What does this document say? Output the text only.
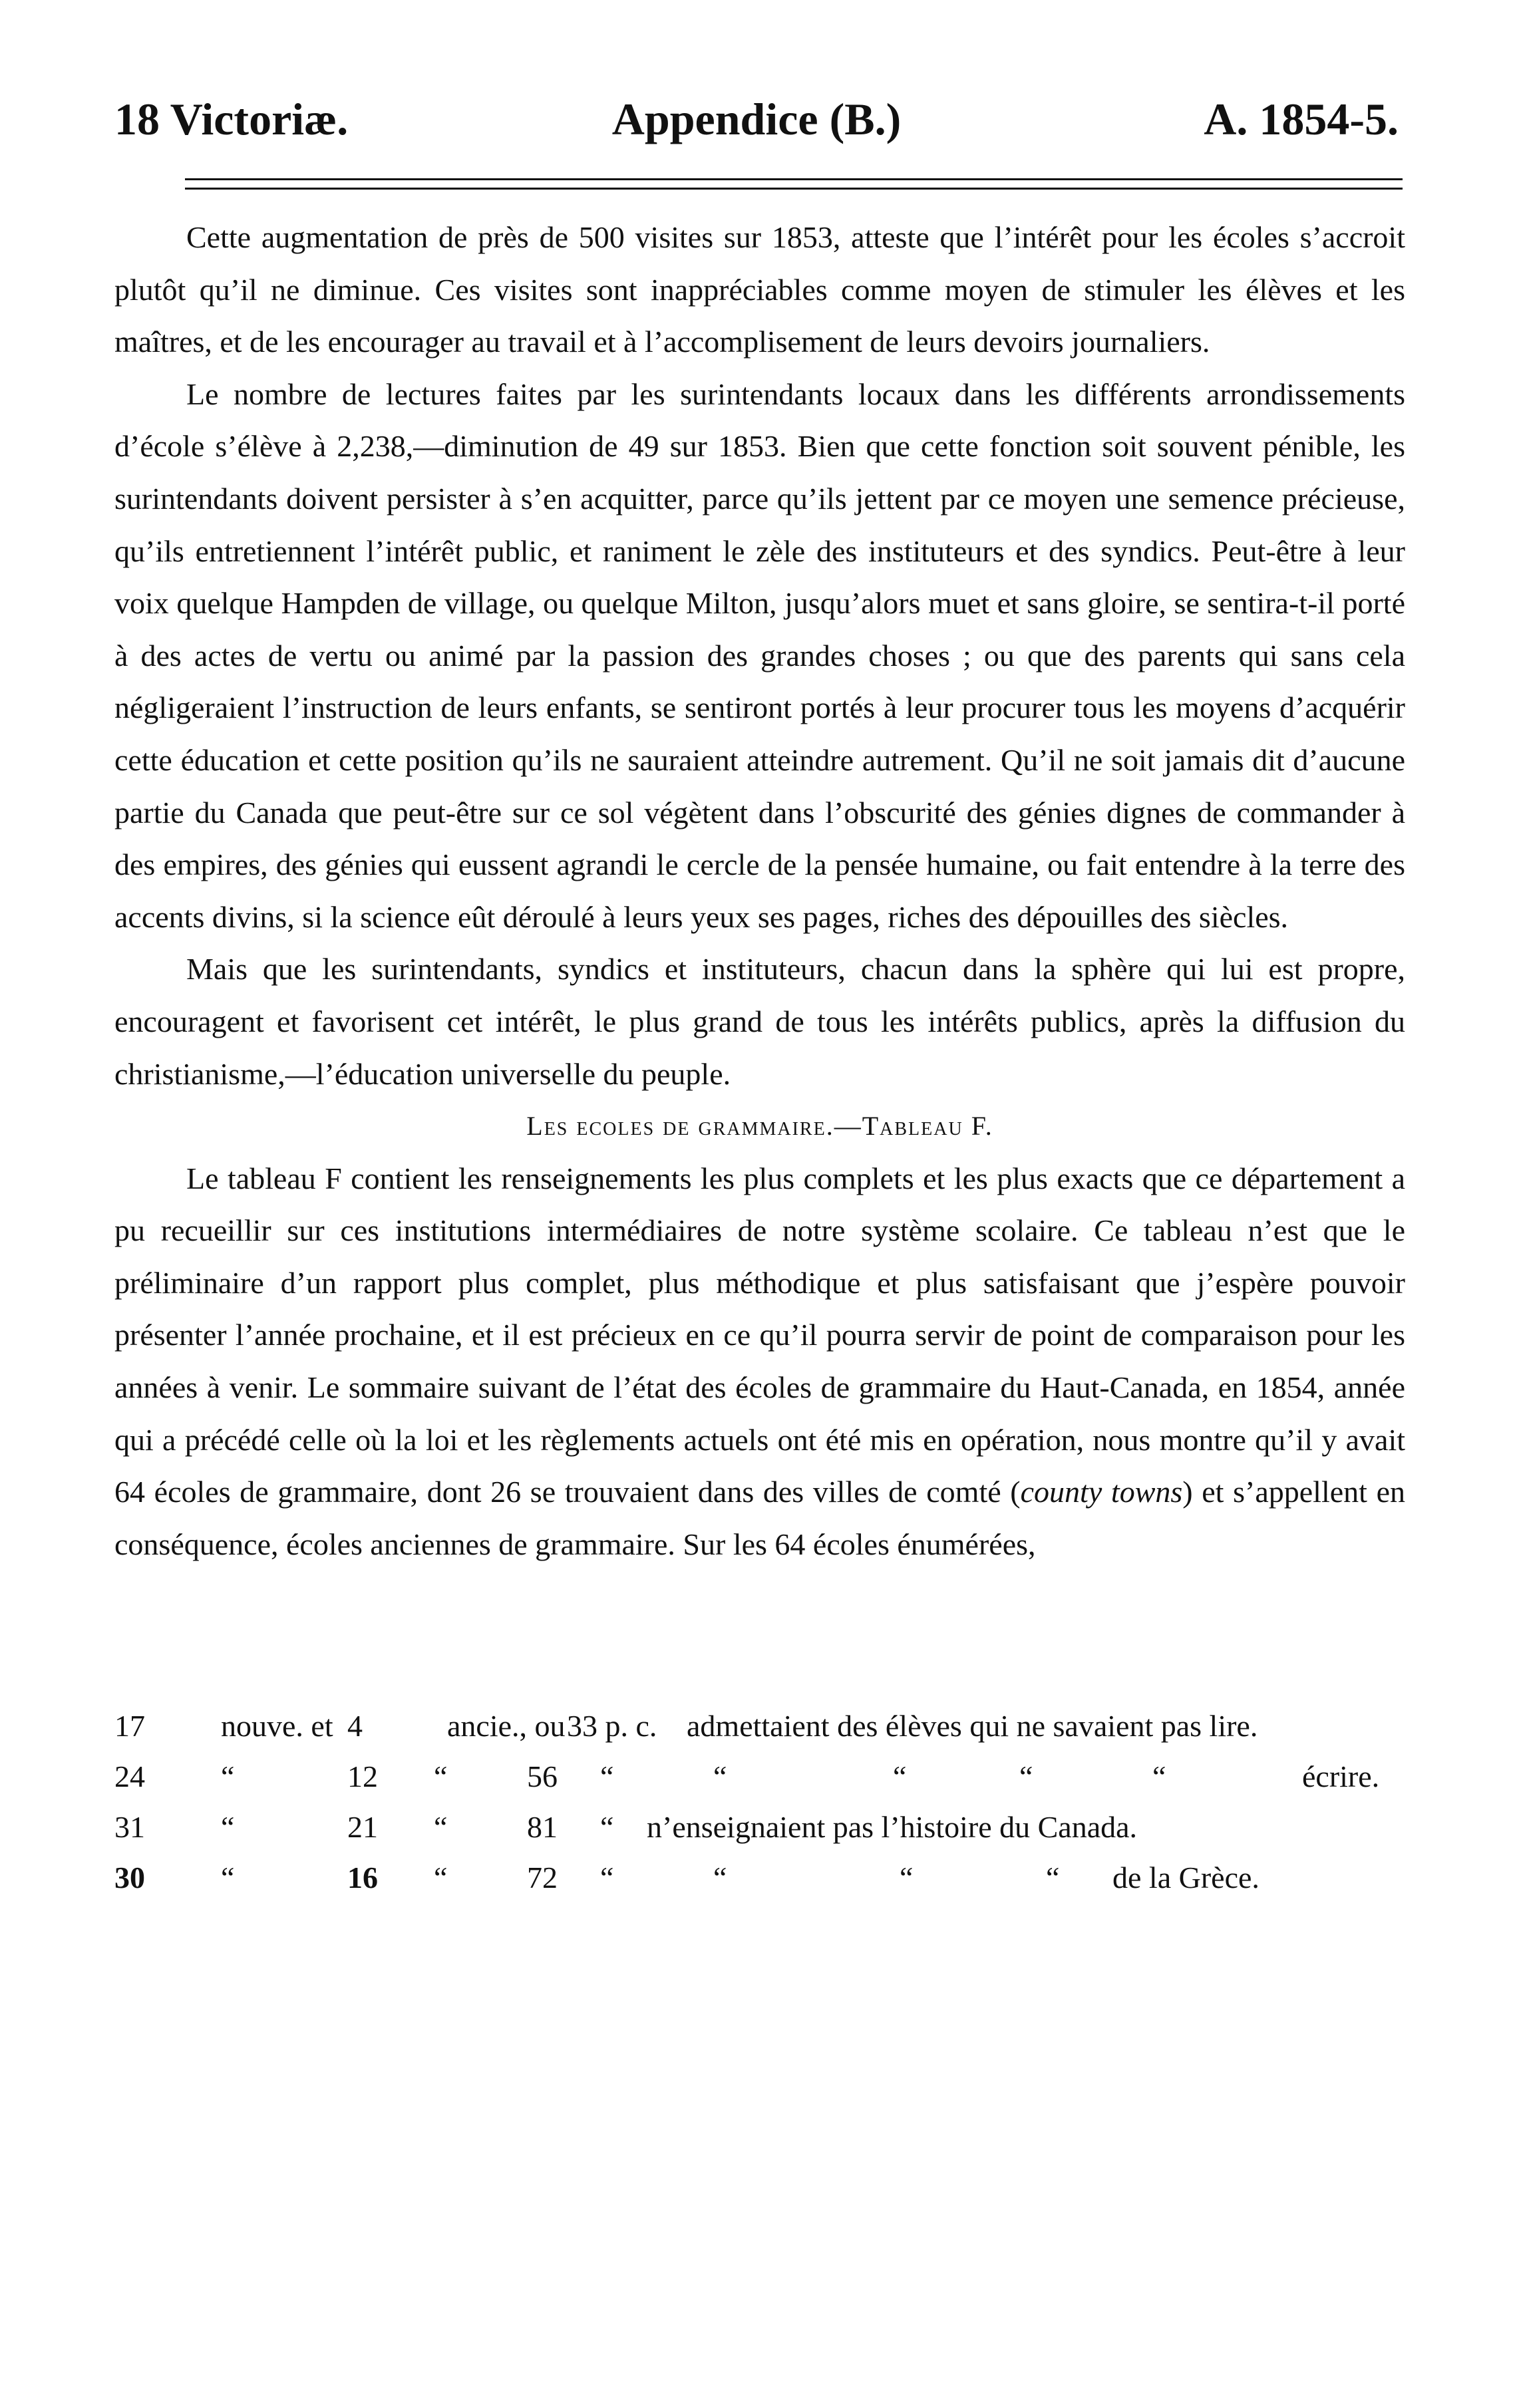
18 Victoriæ.	Appendice (B.)	A. 1854-5.

Cette augmentation de près de 500 visites sur 1853, atteste que l’intérêt pour les écoles s’accroit plutôt qu’il ne diminue. Ces visites sont inappréciables comme moyen de stimuler les élèves et les maîtres, et de les encourager au travail et à l’accomplisement de leurs devoirs journaliers.

Le nombre de lectures faites par les surintendants locaux dans les différents arrondissements d’école s’élève à 2,238,—diminution de 49 sur 1853. Bien que cette fonction soit souvent pénible, les surintendants doivent persister à s’en acquitter, parce qu’ils jettent par ce moyen une semence précieuse, qu’ils entretiennent l’intérêt public, et raniment le zèle des instituteurs et des syndics. Peut-être à leur voix quelque Hampden de village, ou quelque Milton, jusqu’alors muet et sans gloire, se sentira-t-il porté à des actes de vertu ou animé par la passion des grandes choses ; ou que des parents qui sans cela négligeraient l’instruction de leurs enfants, se sentiront portés à leur procurer tous les moyens d’acquérir cette éducation et cette position qu’ils ne sauraient atteindre autrement. Qu’il ne soit jamais dit d’aucune partie du Canada que peut-être sur ce sol végètent dans l’obscurité des génies dignes de commander à des empires, des génies qui eussent agrandi le cercle de la pensée humaine, ou fait entendre à la terre des accents divins, si la science eût déroulé à leurs yeux ses pages, riches des dépouilles des siècles.

Mais que les surintendants, syndics et instituteurs, chacun dans la sphère qui lui est propre, encouragent et favorisent cet intérêt, le plus grand de tous les intérêts publics, après la diffusion du christianisme,—l’éducation universelle du peuple.

Les ecoles de grammaire.—Tableau F.

Le tableau F contient les renseignements les plus complets et les plus exacts que ce département a pu recueillir sur ces institutions intermédiaires de notre système scolaire. Ce tableau n’est que le préliminaire d’un rapport plus complet, plus méthodique et plus satisfaisant que j’espère pouvoir présenter l’année prochaine, et il est précieux en ce qu’il pourra servir de point de comparaison pour les années à venir. Le sommaire suivant de l’état des écoles de grammaire du Haut-Canada, en 1854, année qui a précédé celle où la loi et les règlements actuels ont été mis en opération, nous montre qu’il y avait 64 écoles de grammaire, dont 26 se trouvaient dans des villes de comté (county towns) et s’appellent en conséquence, écoles anciennes de grammaire. Sur les 64 écoles énumérées,

17 nouve. et 4	ancie., ou 33 p. c. admettaient des élèves qui ne savaient pas lire.
24 “	12 “	56 “	“	“	“	“	écrire.
31 “	21 “	81 “ n’enseignaient pas l’histoire du Canada.
30 “	16 “	72 “	“	“	“ de la Grèce.
